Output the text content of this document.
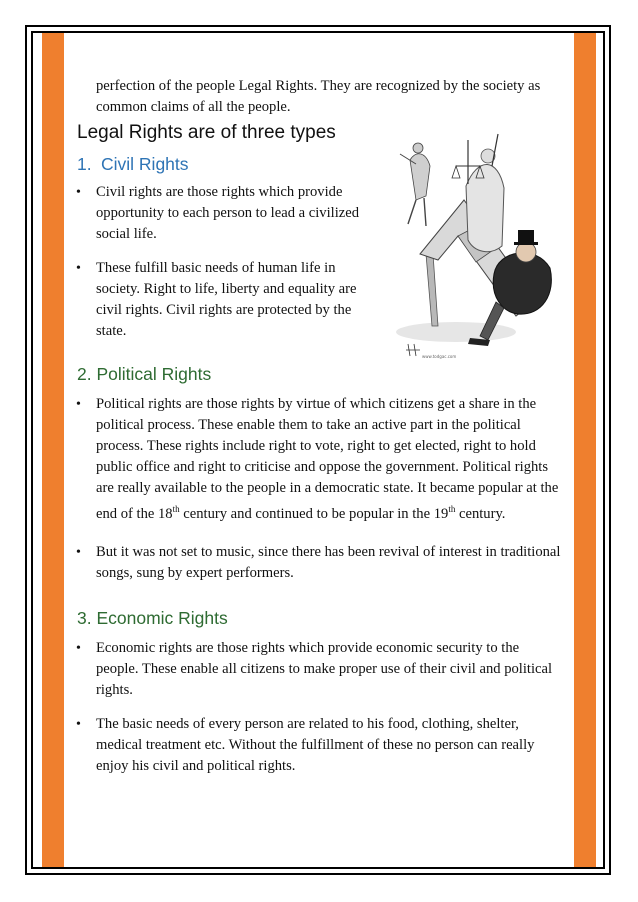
perfection of the people Legal Rights. They are recognized by the society as common claims of all the people.

Legal Rights are of three types
1. Civil Rights
• Civil rights are those rights which provide opportunity to each person to lead a civilized social life.
• These fulfill basic needs of human life in society. Right to life, liberty and equality are civil rights. Civil rights are protected by the state.
www.todgac.com
2. Political Rights
• Political rights are those rights by virtue of which citizens get a share in the political process. These enable them to take an active part in the political process. These rights include right to vote, right to get elected, right to hold public office and right to criticise and oppose the government. Political rights are really available to the people in a democratic state. It became popular at the end of the 18th century and continued to be popular in the 19th century.
• But it was not set to music, since there has been revival of interest in traditional songs, sung by expert performers.
3. Economic Rights
• Economic rights are those rights which provide economic security to the people. These enable all citizens to make proper use of their civil and political rights.
• The basic needs of every person are related to his food, clothing, shelter, medical treatment etc. Without the fulfillment of these no person can really enjoy his civil and political rights.
